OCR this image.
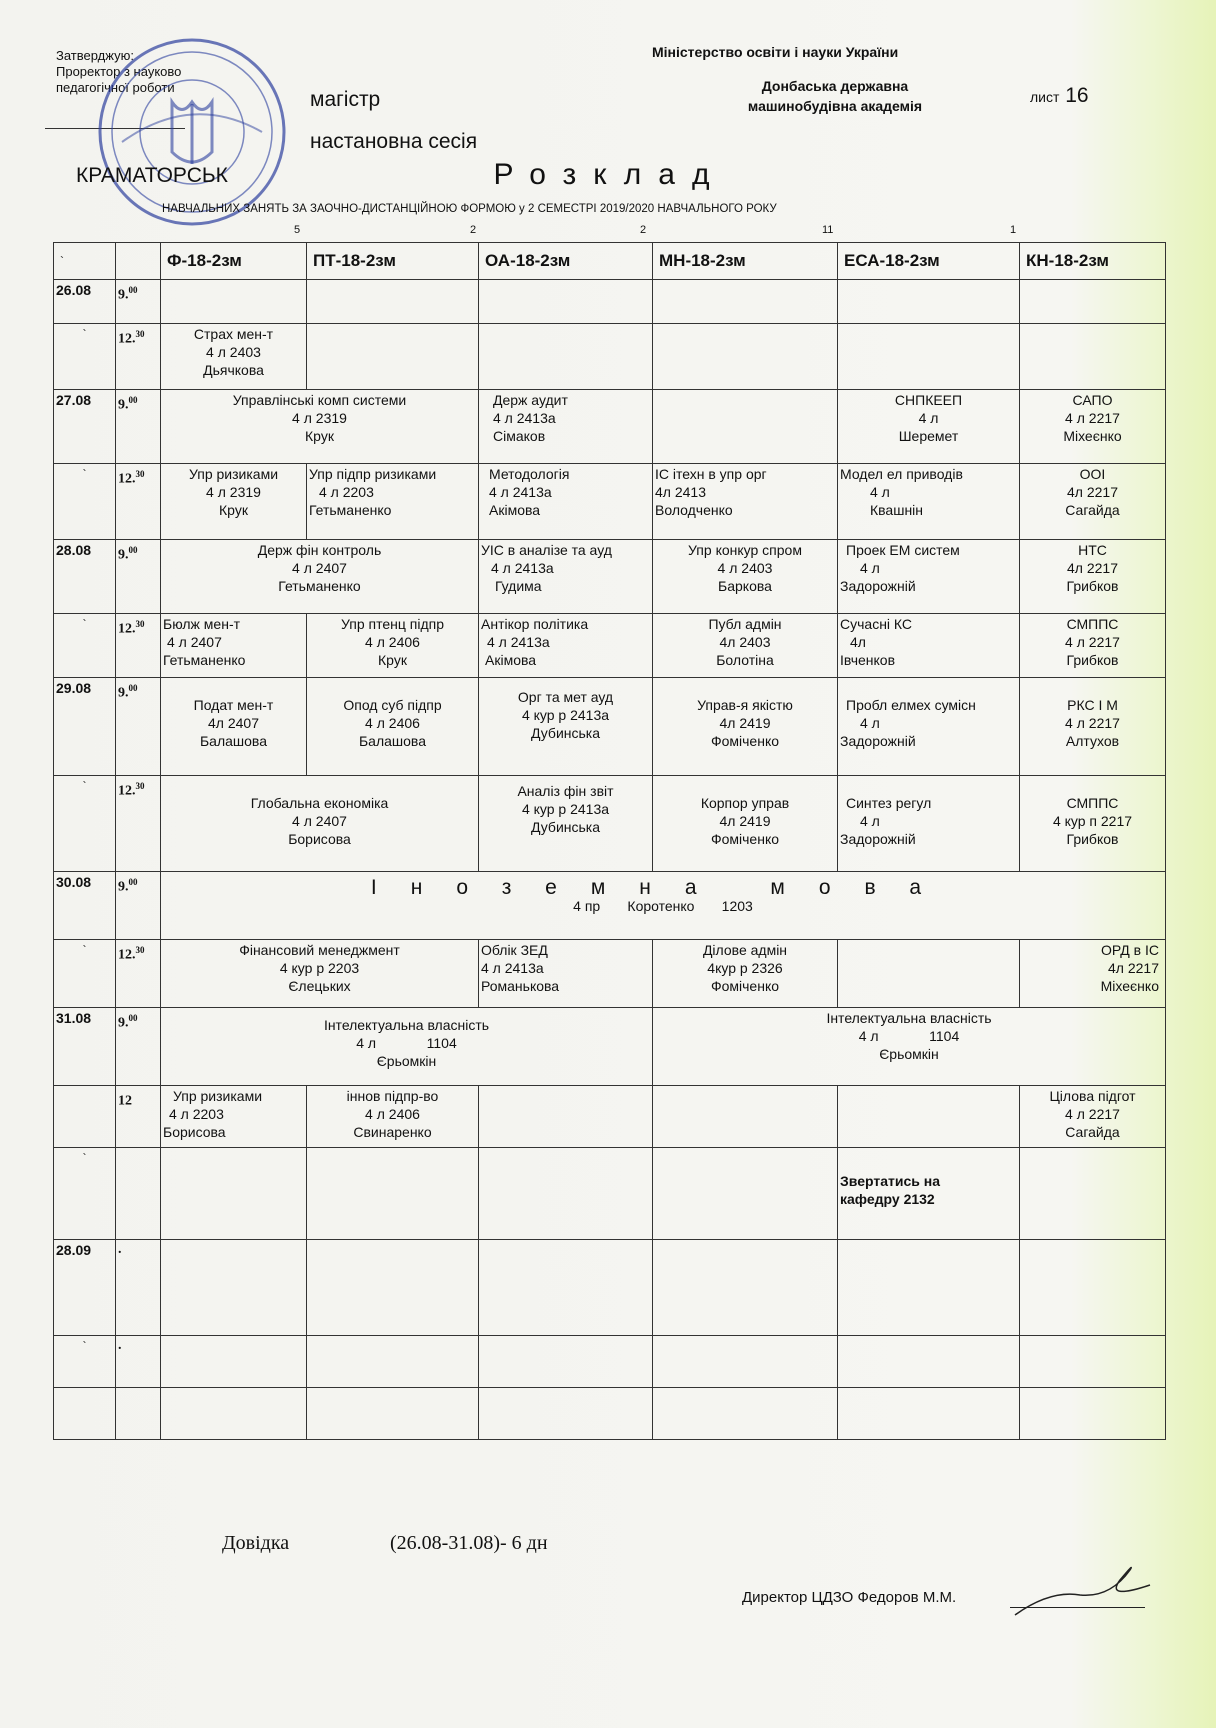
Затверджую:
Проректор з науково
педагогічної роботи
КРАМАТОРСЬК
Міністерство освіти і науки України
Донбаська державна
машинобудівна академія
лист 16
магістр
настановна сесія
Розклад
НАВЧАЛЬНИХ ЗАНЯТЬ ЗА ЗАОЧНО-ДИСТАНЦІЙНОЮ ФОРМОЮ у 2 СЕМЕСТРІ 2019/2020 НАВЧАЛЬНОГО РОКУ
5	2	2	11	1
`		Ф-18-2зм	ПТ-18-2зм	ОА-18-2зм	МН-18-2зм	ЕСА-18-2зм	КН-18-2зм
26.08	9.00						
`	12.30	Страх мен-т
4 л 2403
Дьячкова					

27.08	9.00	Управлінські комп системи
4 л 2319
Крук		Держ аудит
4 л 2413а
Сімаков		СНПКЕЕП
4 л
Шеремет	САПО
4 л 2217
Міхеєнко

`	12.30	Упр ризиками
4 л 2319
Крук	Упр підпр ризиками
4 л 2203
Гетьманенко	Методологія
4 л 2413а
Акімова	ІС ітехн в упр орг
4л 2413
Володченко	Модел ел приводів
4 л
Квашнін	ООІ
4л 2217
Сагайда

28.08	9.00	Держ фін контроль
4 л 2407
Гетьманенко		УІС в аналізе та ауд
4 л 2413а
Гудима	Упр конкур спром
4 л 2403
Баркова	Проек ЕМ систем
4 л
Задорожній	НТС
4л 2217
Грибков

`	12.30	Бюлж мен-т
4 л 2407
Гетьманенко	Упр птенц підпр
4 л 2406
Крук	Антікор політика
4 л 2413а
Акімова	Публ адмін
4л 2403
Болотіна	Сучасні КС
4л
Івченков	СМППС
4 л 2217
Грибков

29.08	9.00	Подат мен-т
4л 2407
Балашова	Опод суб підпр
4 л 2406
Балашова	Орг та мет ауд
4 кур р 2413а
Дубинська	Управ-я якістю
4л 2419
Фоміченко	Пробл елмех сумісн
4 л
Задорожній	РКС І М
4 л 2217
Алтухов

`	12.30	Глобальна економіка
4 л 2407
Борисова		Аналіз фін звіт
4 кур р 2413а
Дубинська	Корпор управ
4л 2419
Фоміченко	Синтез регул
4 л
Задорожній	СМППС
4 кур п 2217
Грибков

30.08	9.00	Іноземна мова
4 пр       Коротенко       1203					

`	12.30	Фінансовий менеджмент
4 кур р 2203
Єлецьких		Облік ЗЕД
4 л 2413а
Романькова	Ділове адмін
4кур р 2326
Фоміченко		ОРД в ІС
4л 2217
Міхеєнко

31.08	9.00	Інтелектуальна власність
4 л             1104
Єрьомкін			Інтелектуальна власність
4 л             1104
Єрьомкін		

	12	Упр ризиками
4 л 2203
Борисова	іннов підпр-во
4 л 2406
Свинаренко				Цілова підгот
4 л 2217
Сагайда

`						Звертатись на
кафедру 2132	

28.09	.						
`	.						

Довідка	(26.08-31.08)- 6 дн
Директор ЦДЗО Федоров М.М.
